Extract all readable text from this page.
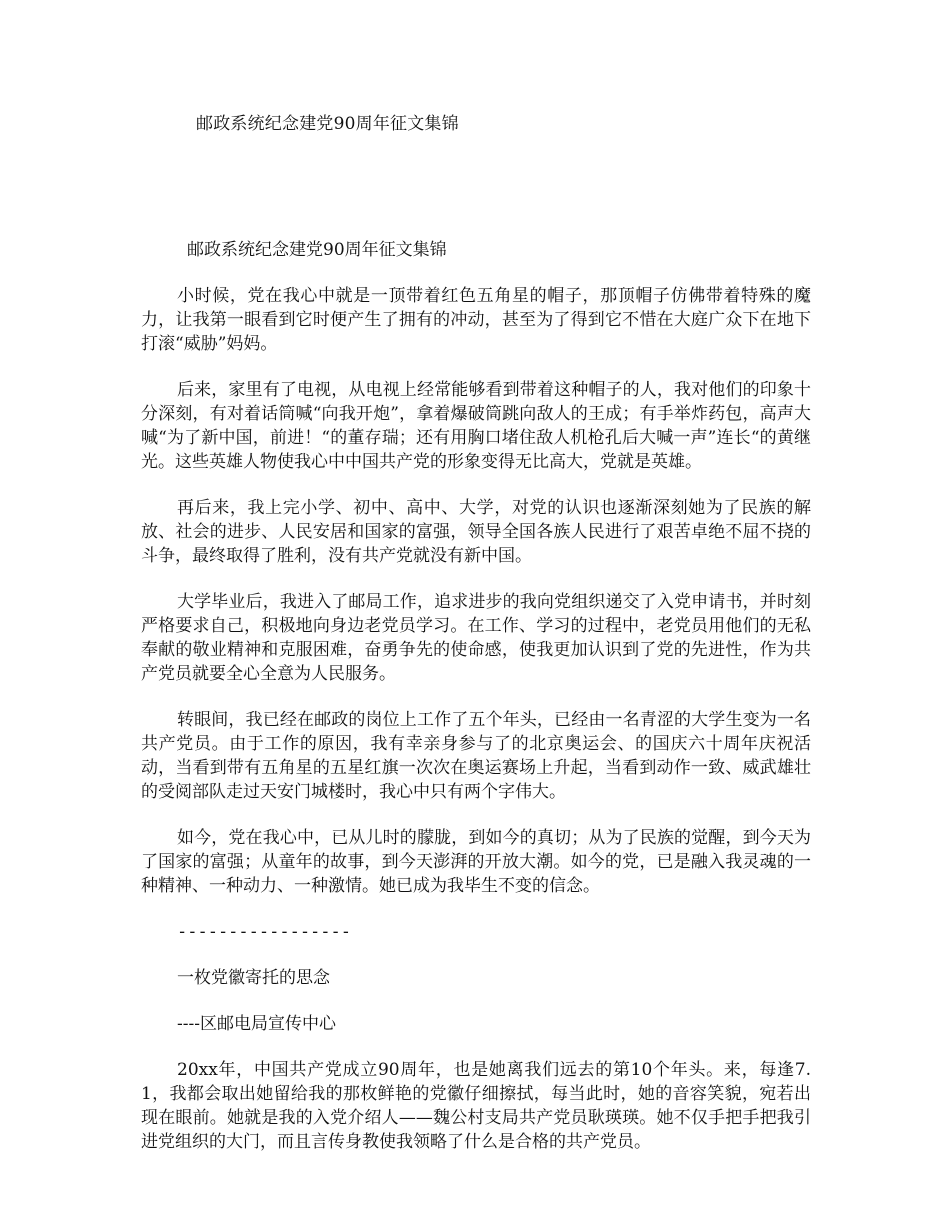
邮政系统纪念建党90周年征文集锦
邮政系统纪念建党90周年征文集锦

小时候，党在我心中就是一顶带着红色五角星的帽子，那顶帽子仿佛带着特殊的魔力，让我第一眼看到它时便产生了拥有的冲动，甚至为了得到它不惜在大庭广众下在地下打滚“威胁”妈妈。

后来，家里有了电视，从电视上经常能够看到带着这种帽子的人，我对他们的印象十分深刻，有对着话筒喊“向我开炮”，拿着爆破筒跳向敌人的王成；有手举炸药包，高声大喊“为了新中国，前进！“的董存瑞；还有用胸口堵住敌人机枪孔后大喊一声”连长“的黄继光。这些英雄人物使我心中中国共产党的形象变得无比高大，党就是英雄。

再后来，我上完小学、初中、高中、大学，对党的认识也逐渐深刻她为了民族的解放、社会的进步、人民安居和国家的富强，领导全国各族人民进行了艰苦卓绝不屈不挠的斗争，最终取得了胜利，没有共产党就没有新中国。

大学毕业后，我进入了邮局工作，追求进步的我向党组织递交了入党申请书，并时刻严格要求自己，积极地向身边老党员学习。在工作、学习的过程中，老党员用他们的无私奉献的敬业精神和克服困难，奋勇争先的使命感，使我更加认识到了党的先进性，作为共产党员就要全心全意为人民服务。

转眼间，我已经在邮政的岗位上工作了五个年头，已经由一名青涩的大学生变为一名共产党员。由于工作的原因，我有幸亲身参与了的北京奥运会、的国庆六十周年庆祝活动，当看到带有五角星的五星红旗一次次在奥运赛场上升起，当看到动作一致、威武雄壮的受阅部队走过天安门城楼时，我心中只有两个字伟大。

如今，党在我心中，已从儿时的朦胧，到如今的真切；从为了民族的觉醒，到今天为了国家的富强；从童年的故事，到今天澎湃的开放大潮。如今的党，已是融入我灵魂的一种精神、一种动力、一种激情。她已成为我毕生不变的信念。

-----------------
一枚党徽寄托的思念
----区邮电局宣传中心

20xx年，中国共产党成立90周年，也是她离我们远去的第10个年头。来，每逢7.1，我都会取出她留给我的那枚鲜艳的党徽仔细擦拭，每当此时，她的音容笑貌，宛若出现在眼前。她就是我的入党介绍人——魏公村支局共产党员耿瑛瑛。她不仅手把手把我引进党组织的大门，而且言传身教使我领略了什么是合格的共产党员。
